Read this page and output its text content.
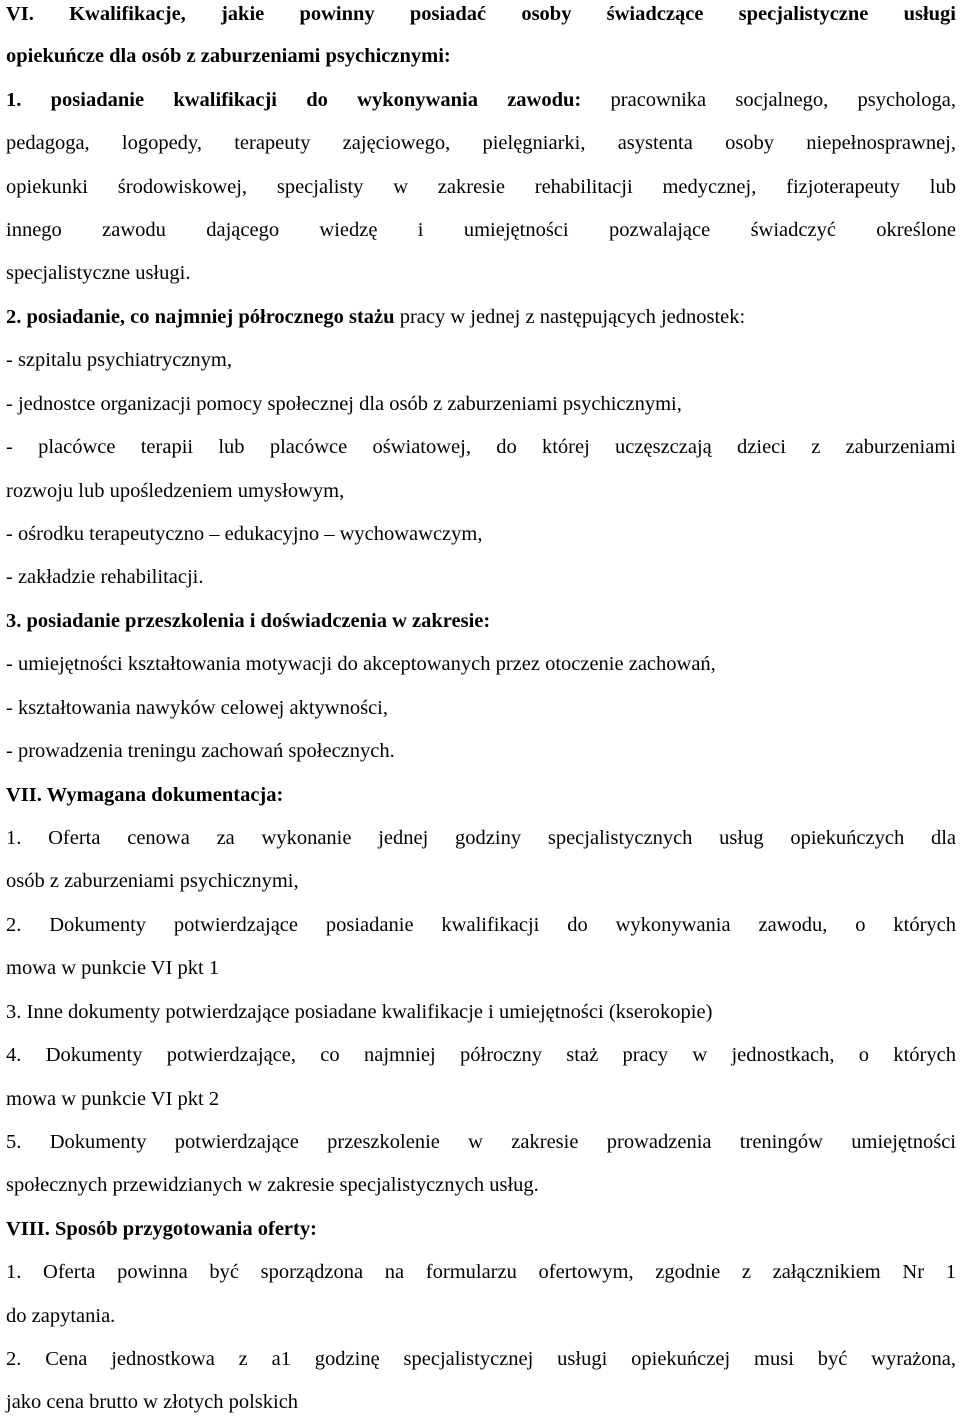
VI. Kwalifikacje, jakie powinny posiadać osoby świadczące specjalistyczne usługi
opiekuńcze dla osób z zaburzeniami psychicznymi:
1. posiadanie kwalifikacji do wykonywania zawodu: pracownika socjalnego, psychologa,
pedagoga, logopedy, terapeuty zajęciowego, pielęgniarki, asystenta osoby niepełnosprawnej,
opiekunki środowiskowej, specjalisty w zakresie rehabilitacji medycznej, fizjoterapeuty lub
innego zawodu dającego wiedzę i umiejętności pozwalające świadczyć określone
specjalistyczne usługi.
2. posiadanie, co najmniej półrocznego stażu pracy w jednej z następujących jednostek:
- szpitalu psychiatrycznym,
- jednostce organizacji pomocy społecznej dla osób z zaburzeniami psychicznymi,
- placówce terapii lub placówce oświatowej, do której uczęszczają dzieci z zaburzeniami
rozwoju lub upośledzeniem umysłowym,
- ośrodku terapeutyczno – edukacyjno – wychowawczym,
- zakładzie rehabilitacji.
3. posiadanie przeszkolenia i doświadczenia w zakresie:
- umiejętności kształtowania motywacji do akceptowanych przez otoczenie zachowań,
- kształtowania nawyków celowej aktywności,
- prowadzenia treningu zachowań społecznych.
VII. Wymagana dokumentacja:
1. Oferta cenowa za wykonanie jednej godziny specjalistycznych usług opiekuńczych dla
osób z zaburzeniami psychicznymi,
2. Dokumenty potwierdzające posiadanie kwalifikacji do wykonywania zawodu, o których
mowa w punkcie VI pkt 1
3. Inne dokumenty potwierdzające posiadane kwalifikacje i umiejętności (kserokopie)
4. Dokumenty potwierdzające, co najmniej półroczny staż pracy w jednostkach, o których
mowa w punkcie VI pkt 2
5. Dokumenty potwierdzające przeszkolenie w zakresie prowadzenia treningów umiejętności
społecznych przewidzianych w zakresie specjalistycznych usług.
VIII. Sposób przygotowania oferty:
1. Oferta powinna być sporządzona na formularzu ofertowym, zgodnie z załącznikiem Nr 1
do zapytania.
2. Cena jednostkowa z a1 godzinę specjalistycznej usługi opiekuńczej musi być wyrażona,
jako cena brutto w złotych polskich
